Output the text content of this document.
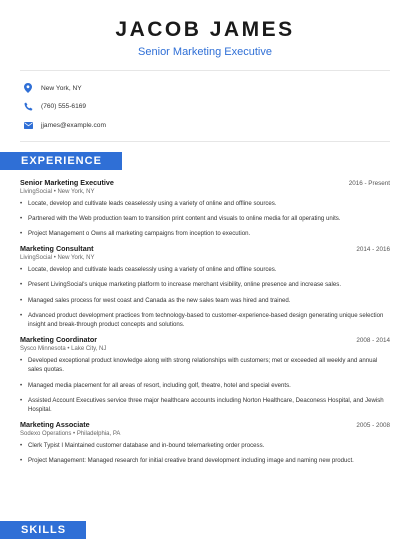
JACOB JAMES
Senior Marketing Executive
New York, NY
(760) 555-6169
jjames@example.com
EXPERIENCE
Senior Marketing Executive	2016 - Present
LivingSocial • New York, NY
• Locate, develop and cultivate leads ceaselessly using a variety of online and offline sources.
• Partnered with the Web production team to transition print content and visuals to online media for all operating units.
• Project Management o Owns all marketing campaigns from inception to execution.
Marketing Consultant	2014 - 2016
LivingSocial • New York, NY
• Locate, develop and cultivate leads ceaselessly using a variety of online and offline sources.
• Present LivingSocial's unique marketing platform to increase merchant visibility, online presence and increase sales.
• Managed sales process for west coast and Canada as the new sales team was hired and trained.
• Advanced product development practices from technology-based to customer-experience-based design generating unique selection insight and break-through product concepts and solutions.
Marketing Coordinator	2008 - 2014
Sysco Minnesota • Lake City, NJ
• Developed exceptional product knowledge along with strong relationships with customers; met or exceeded all weekly and annual sales quotas.
• Managed media placement for all areas of resort, including golf, theatre, hotel and special events.
• Assisted Account Executives service three major healthcare accounts including Norton Healthcare, Deaconess Hospital, and Jewish Hospital.
Marketing Associate	2005 - 2008
Sodexo Operations • Philadelphia, PA
• Clerk Typist I Maintained customer database and in-bound telemarketing order process.
• Project Management: Managed research for initial creative brand development including image and naming new product.
SKILLS
